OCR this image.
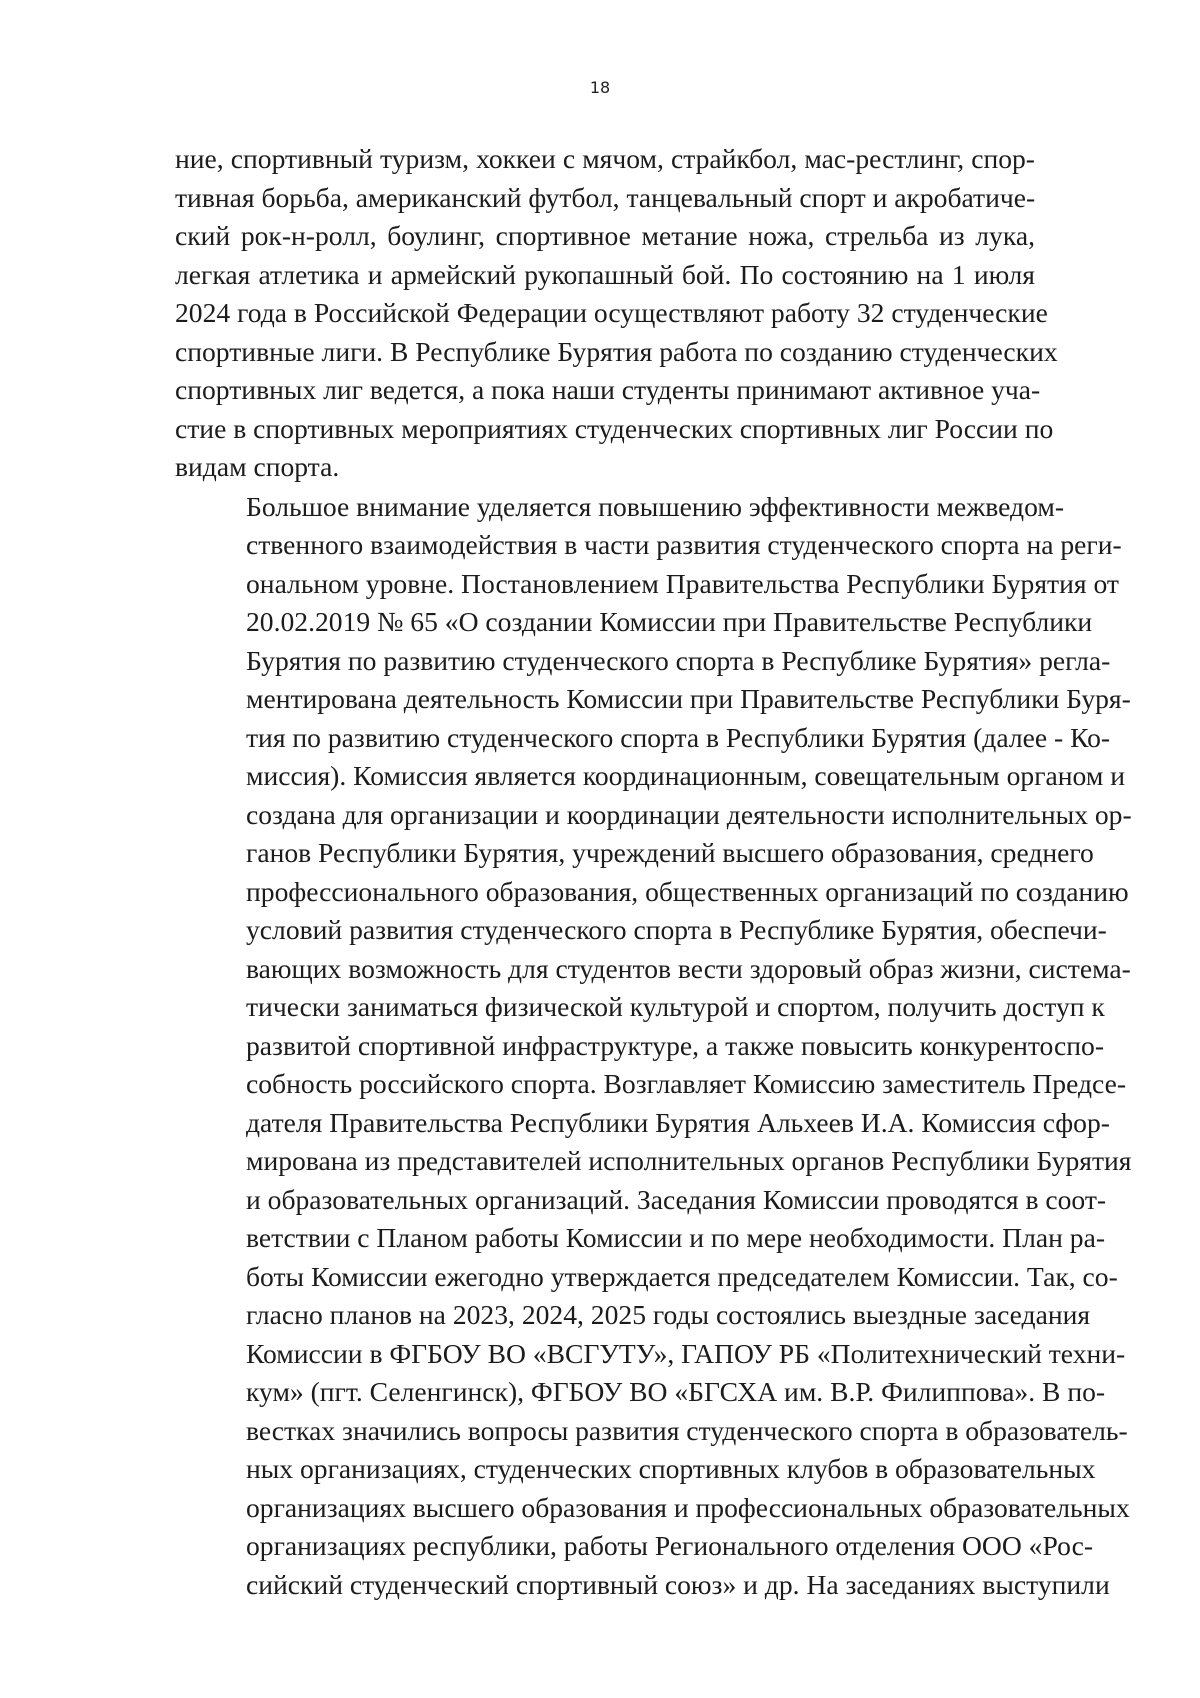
18

ние, спортивный туризм, хоккеи с мячом, страйкбол, мас-рестлинг, спор-
тивная борьба, американский футбол, танцевальный спорт и акробатиче-
ский рок-н-ролл, боулинг, спортивное метание ножа, стрельба из лука,
легкая атлетика и армейский рукопашный бой. По состоянию на 1 июля
2024 года в Российской Федерации осуществляют работу 32 студенческие
спортивные лиги. В Республике Бурятия работа по созданию студенческих
спортивных лиг ведется, а пока наши студенты принимают активное уча-
стие в спортивных мероприятиях студенческих спортивных лиг России по
видам спорта.

Большое внимание уделяется повышению эффективности межведом-
ственного взаимодействия в части развития студенческого спорта на реги-
ональном уровне. Постановлением Правительства Республики Бурятия от
20.02.2019 № 65 «О создании Комиссии при Правительстве Республики
Бурятия по развитию студенческого спорта в Республике Бурятия» регла-
ментирована деятельность Комиссии при Правительстве Республики Буря-
тия по развитию студенческого спорта в Республики Бурятия (далее - Ко-
миссия). Комиссия является координационным, совещательным органом и
создана для организации и координации деятельности исполнительных ор-
ганов Республики Бурятия, учреждений высшего образования, среднего
профессионального образования, общественных организаций по созданию
условий развития студенческого спорта в Республике Бурятия, обеспечи-
вающих возможность для студентов вести здоровый образ жизни, система-
тически заниматься физической культурой и спортом, получить доступ к
развитой спортивной инфраструктуре, а также повысить конкурентоспо-
собность российского спорта. Возглавляет Комиссию заместитель Предсе-
дателя Правительства Республики Бурятия Альхеев И.А. Комиссия сфор-
мирована из представителей исполнительных органов Республики Бурятия
и образовательных организаций. Заседания Комиссии проводятся в соот-
ветствии с Планом работы Комиссии и по мере необходимости. План ра-
боты Комиссии ежегодно утверждается председателем Комиссии. Так, со-
гласно планов на 2023, 2024, 2025 годы состоялись выездные заседания
Комиссии в ФГБОУ ВО «ВСГУТУ», ГАПОУ РБ «Политехнический техни-
кум» (пгт. Селенгинск), ФГБОУ ВО «БГСХА им. В.Р. Филиппова». В по-
вестках значились вопросы развития студенческого спорта в образователь-
ных организациях, студенческих спортивных клубов в образовательных
организациях высшего образования и профессиональных образовательных
организациях республики, работы Регионального отделения ООО «Рос-
сийский студенческий спортивный союз» и др. На заседаниях выступили
